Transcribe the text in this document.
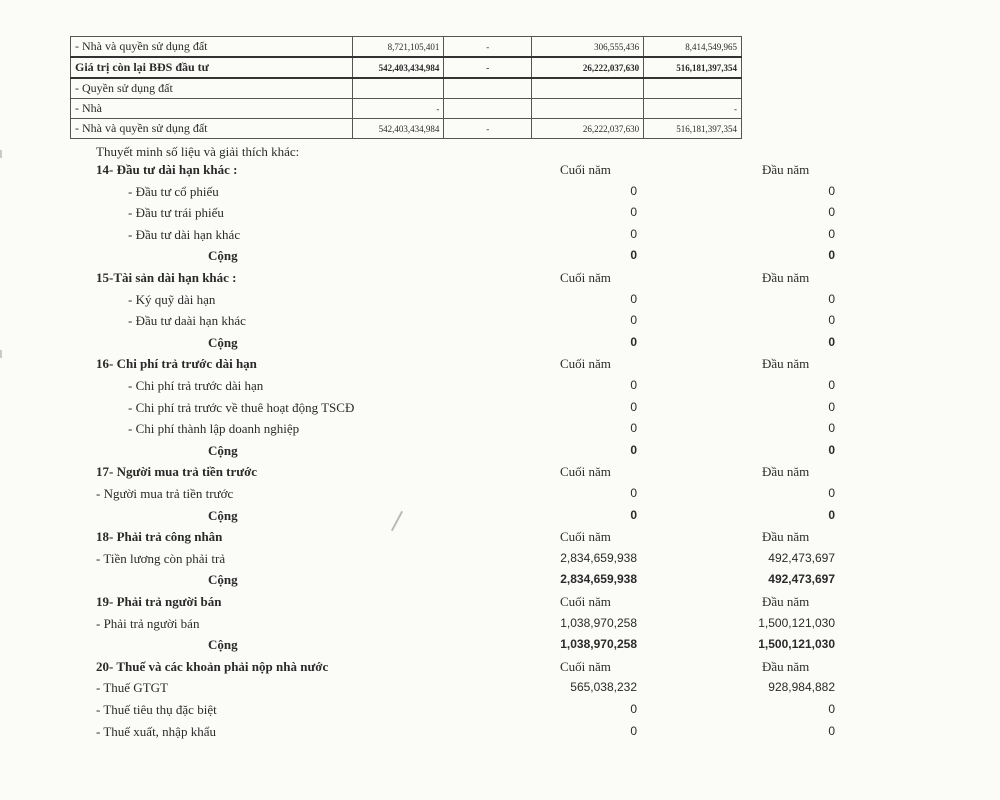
- Nhà và quyền sử dụng đất	8,721,105,401	-	306,555,436	8,414,549,965
Giá trị còn lại BĐS đầu tư	542,403,434,984	-	26,222,037,630	516,181,397,354
- Quyền sử dụng đất				
- Nhà	-			-
- Nhà và quyền sử dụng đất	542,403,434,984	-	26,222,037,630	516,181,397,354
Thuyết minh số liệu và giải thích khác:
14- Đầu tư dài hạn khác :	Cuối năm	Đầu năm
- Đầu tư cổ phiếu	0	0
- Đầu tư trái phiếu	0	0
- Đầu tư dài hạn khác	0	0
Cộng	0	0
15-Tài sản dài hạn khác :	Cuối năm	Đầu năm
- Ký quỹ dài hạn	0	0
- Đầu tư daài hạn khác	0	0
Cộng	0	0
16- Chi phí trả trước dài hạn	Cuối năm	Đầu năm
- Chi phí trả trước dài hạn	0	0
- Chi phí trả trước về thuê hoạt động TSCĐ	0	0
- Chi phí thành lập doanh nghiệp	0	0
Cộng	0	0
17- Người mua trả tiền trước	Cuối năm	Đầu năm
- Người mua trả tiền trước	0	0
Cộng	0	0
18- Phải trả công nhân	Cuối năm	Đầu năm
- Tiền lương còn phải trả	2,834,659,938	492,473,697
Cộng	2,834,659,938	492,473,697
19- Phải trả người bán	Cuối năm	Đầu năm
- Phải trả người bán	1,038,970,258	1,500,121,030
Cộng	1,038,970,258	1,500,121,030
20- Thuế và các khoản phải nộp nhà nước	Cuối năm	Đầu năm
- Thuế GTGT	565,038,232	928,984,882
- Thuế tiêu thụ đặc biệt	0	0
- Thuế xuất, nhập khẩu	0	0
